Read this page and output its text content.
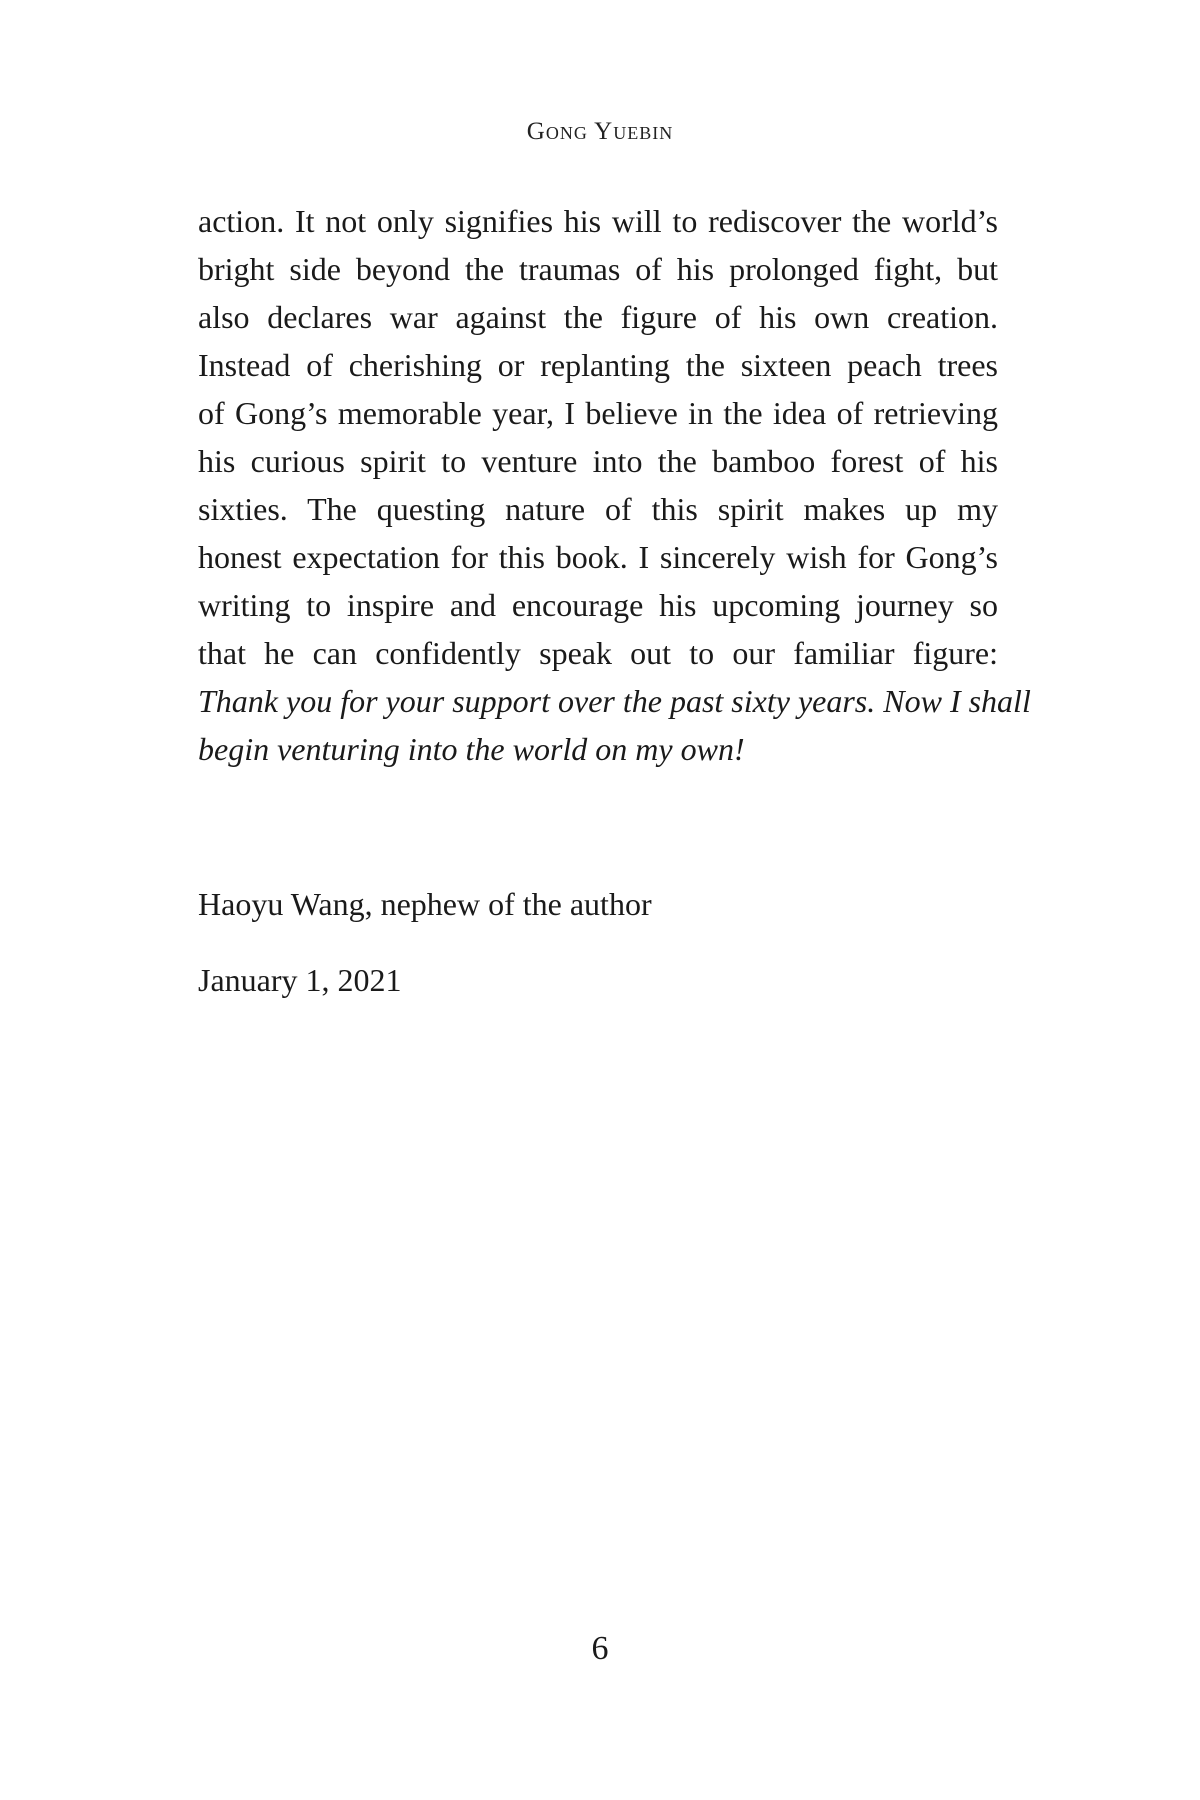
Gong Yuebin
action. It not only signifies his will to rediscover the world’s
bright side beyond the traumas of his prolonged fight, but
also declares war against the figure of his own creation.
Instead of cherishing or replanting the sixteen peach trees
of Gong’s memorable year, I believe in the idea of retrieving
his curious spirit to venture into the bamboo forest of his
sixties. The questing nature of this spirit makes up my
honest expectation for this book. I sincerely wish for Gong’s
writing to inspire and encourage his upcoming journey so
that he can confidently speak out to our familiar figure:
Thank you for your support over the past sixty years. Now I shall
begin venturing into the world on my own!
Haoyu Wang, nephew of the author
January 1, 2021
6
